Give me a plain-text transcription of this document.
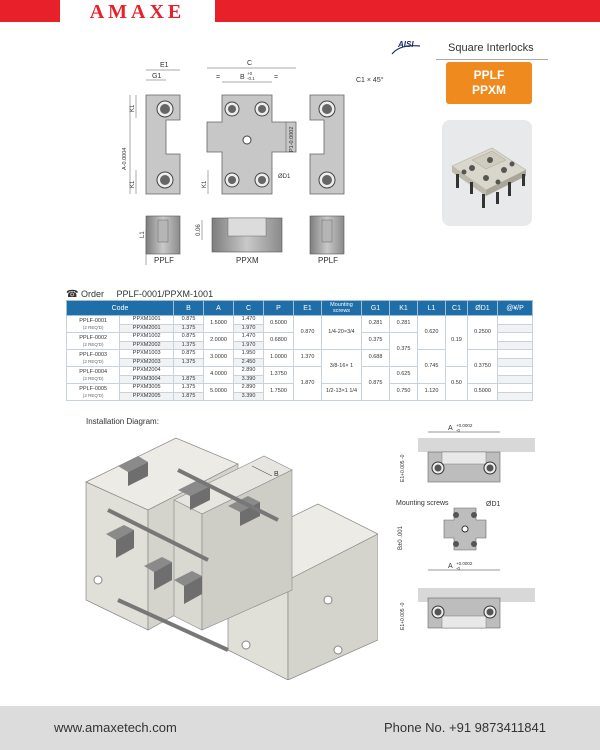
AMAXE
AISI	Square Interlocks
PPLF
PPXM
E1	C
G1	B
+0
-0.1	C1 × 45°
=	=
A-0.0004
K1
K1	K1
P1-0.0002
ØD1
L1	0.06
PPLF	PPXM	PPLF
☎ Order PPLF-0001/PPXM-1001
Code		B	A	C	P	E1	Mounting screws	G1	K1	L1	C1	ØD1	@¥/P
PPLF-0001
(2 REQ'D)	PPXM1001	0.875	1.5000	1.470	0.5000	0.870	1/4-20×3/4	0.281	0.281	0.620	0.19	0.2500	
	PPXM2001	1.375		1.970									
PPLF-0002
(2 REQ'D)	PPXM1002	0.875	2.0000	1.470	0.6800			0.375	0.375				
	PPXM2002	1.375		1.970									
PPLF-0003
(2 REQ'D)	PPXM1003	0.875	3.0000	1.950	1.0000	1.370	3/8-16× 1	0.688		0.745		0.3750	
	PPXM2003	1.375		2.450									
PPLF-0004
(2 REQ'D)	PPXM2004		4.0000	2.890	1.3750	1.870		0.875	0.625		0.50		
	PPXM3004	1.875		3.390									
PPLF-0005
(2 REQ'D)	PPXM3005	1.375	5.0000	2.890	1.7500		1/2-13×1 1/4		0.750	1.120		0.5000	
	PPXM2005	1.875		3.390									
Installation Diagram:
B
A +0.0002
-0
E1+0.005 -0
Mounting screws	ØD1
B±0 .001
A +0.0002
-0
E1+0.005 -0
www.amaxetech.com	Phone No. +91 9873411841
